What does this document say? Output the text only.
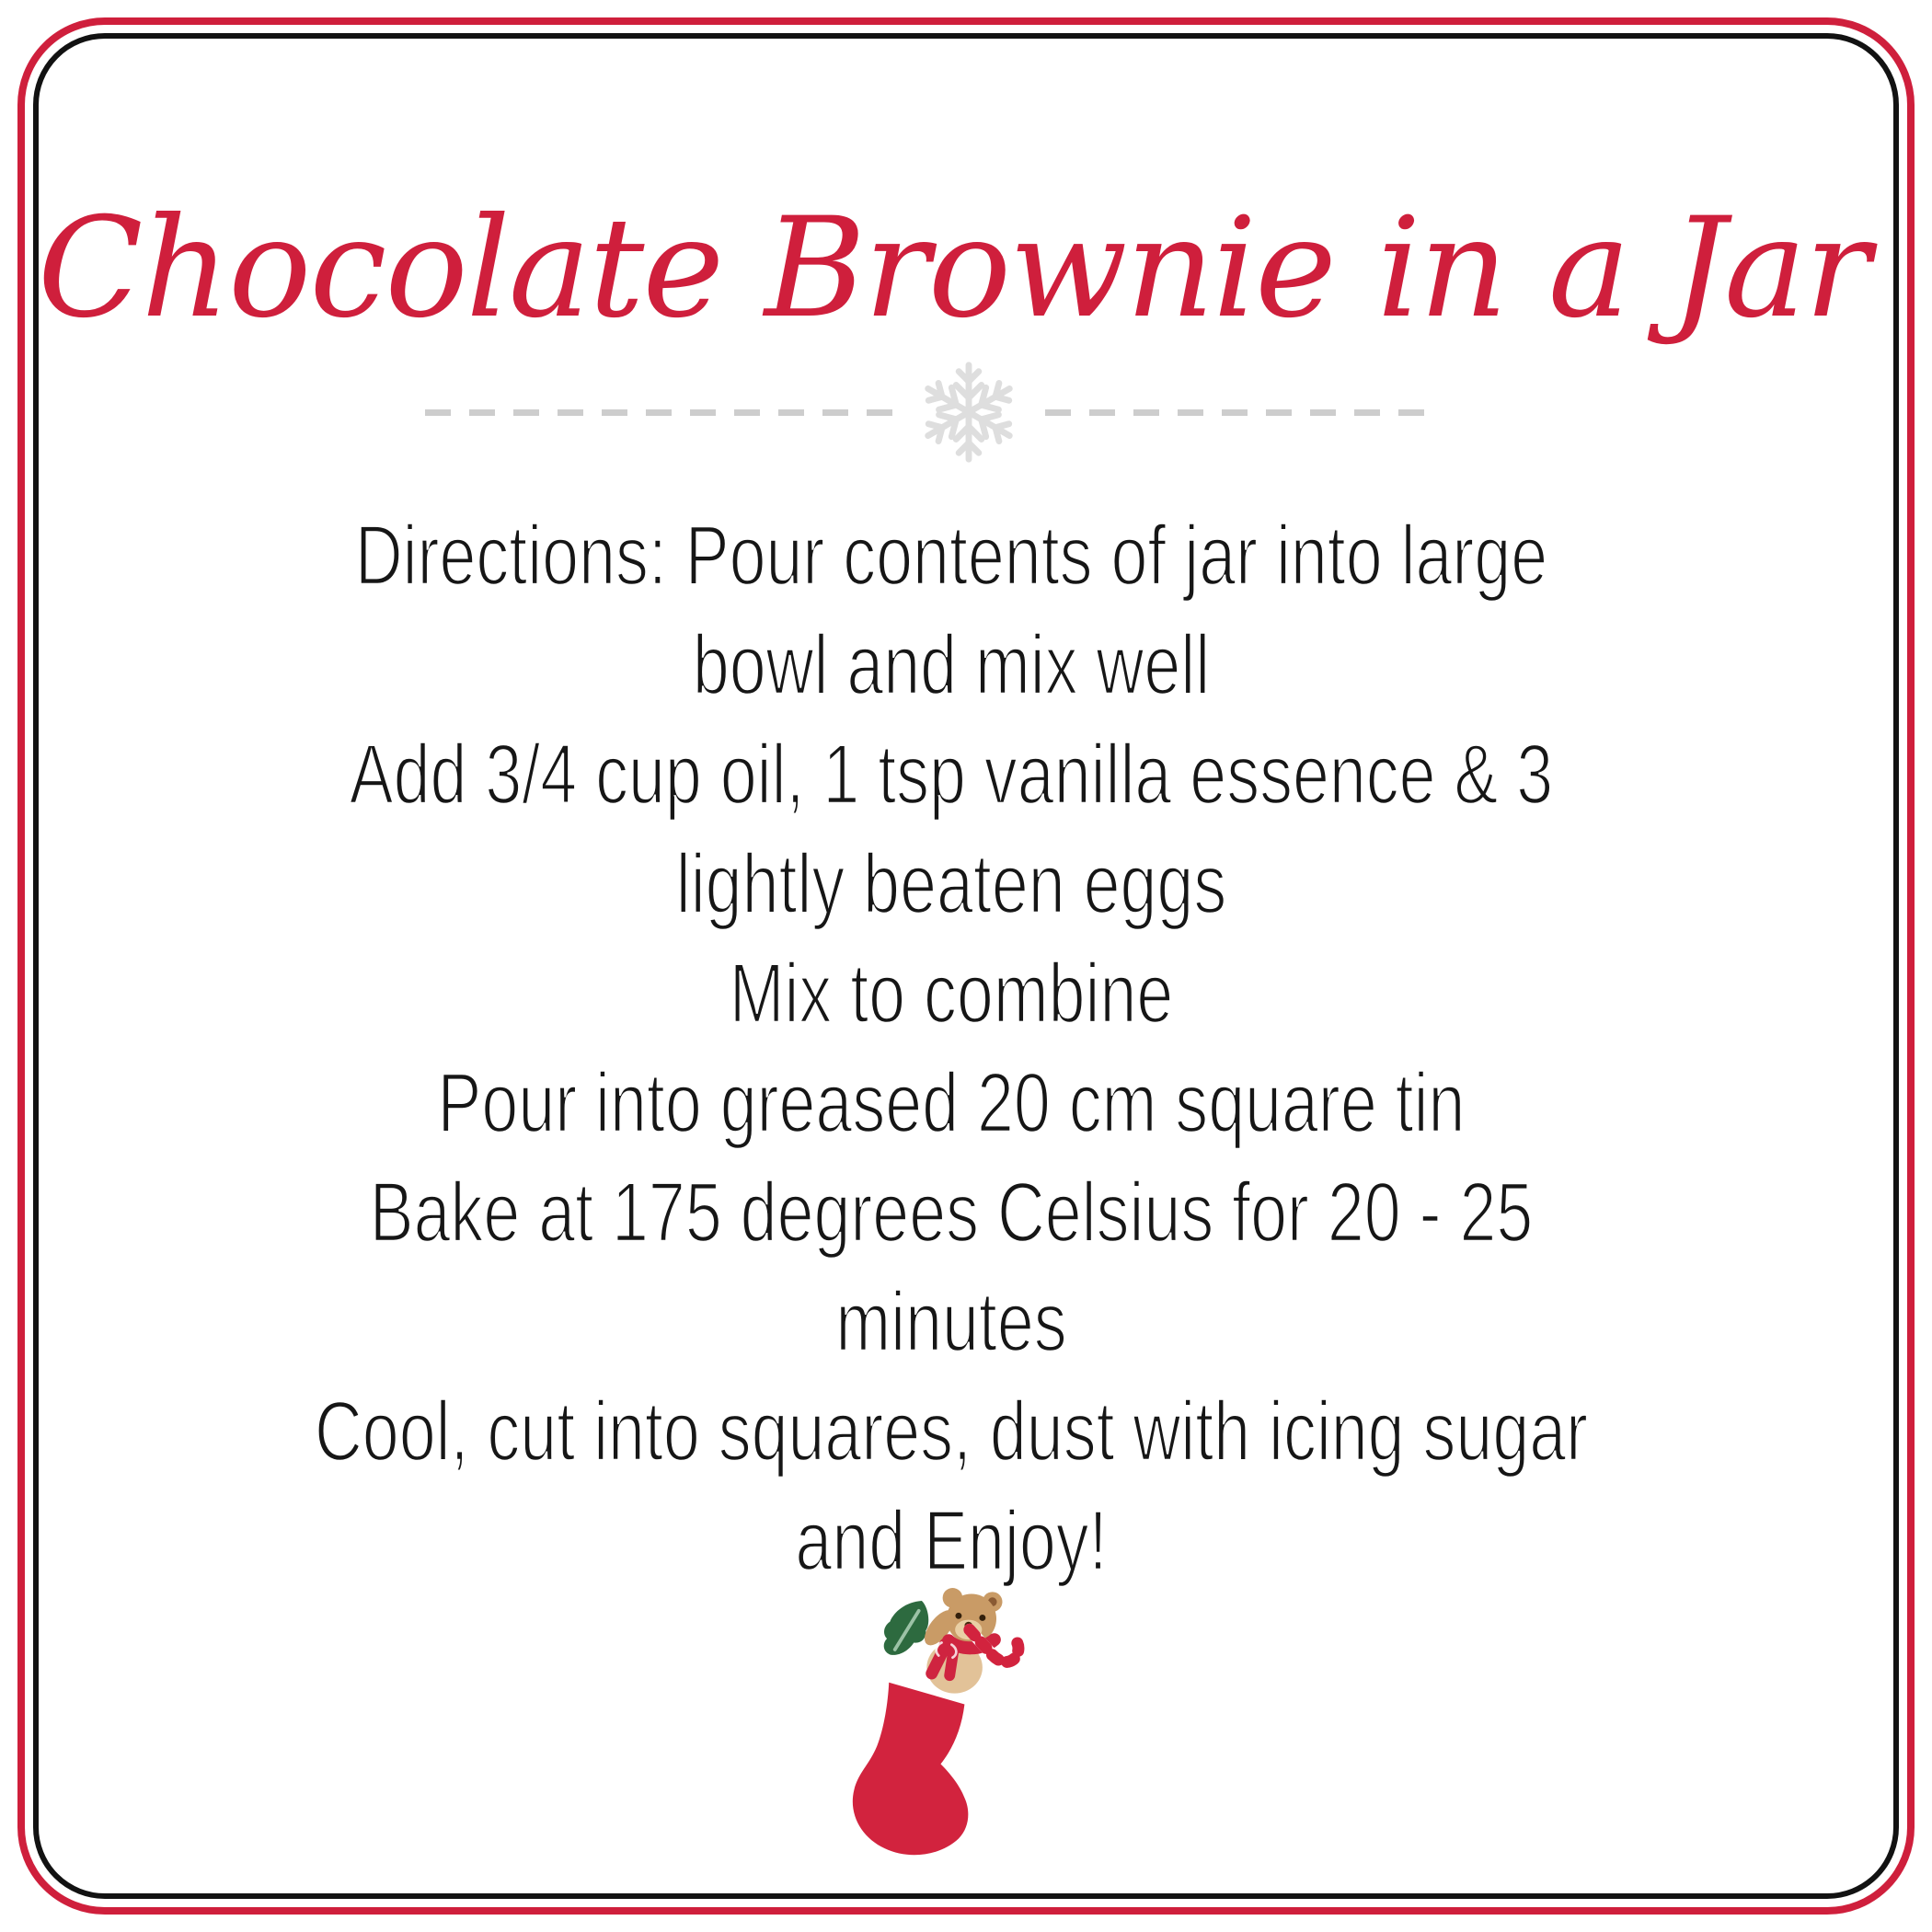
Chocolate Brownie in a Jar
Directions: Pour contents of jar into large
bowl and mix well
Add 3/4 cup oil, 1 tsp vanilla essence & 3
lightly beaten eggs
Mix to combine
Pour into greased 20 cm square tin
Bake at 175 degrees Celsius for 20 - 25
minutes
Cool, cut into squares, dust with icing sugar
and Enjoy!
